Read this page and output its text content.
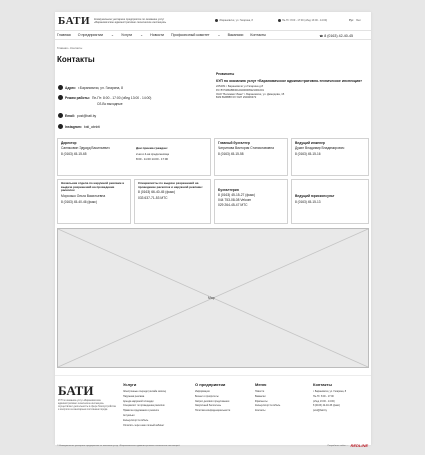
БАТИ Коммунальное унитарное предприятие по оказанию услуг
«Барановичское административно-техническое инспекция»
г.Барановичи, ул. Гагарина, 8	Пн-Пт: 8:00 - 17:00 (обед 13:00 - 14:00)	Рус Бел
Главная О предприятии ⌄ Услуги ⌄ Новости Профсоюзный комитет ⌄ Вакансии Контакты	☎ 8 (0163) 42-40-45
Главная › Контакты
Контакты
Адрес: г.Барановичи, ул. Гагарина, 8
Режим работы: Пн-Пт: 8:00 - 17:00 (обед 13:00 - 14:00)
Сб-Вс выходные
Email: post@bati.by
Instagram: bati_abnbti
Реквизиты
КУП по оказанию услуг «Барановичское административно-техническое инспекция»
225409 г. Барановичи ул.Гагарина д.8
Р/с BY51BLBB30120200006921001001
ОАО "Белинвестбанк" г. Барановичи, ул. Демидова, 15
БИК BLBBBY2X УНП 290406372
Директор
Санюковин Эдуард Васильевич
8 (0163) 45-15-65
Дни приема граждан:
2-ая и 4-ая среда месяца
8:00 - 11:00 14:00 - 17:00
Главный бухгалтер
Чигринова Виктория Станиславовна
8 (0163) 45-15-58
Ведущий инженер
Дукин Владимир Владимирович
8 (0163) 45-15-16
Начальник отдела по наружной рекламе и выдаче разрешений на проведение раскопок
Морозько Ольга Васильевна
8 (0163) 45-40-46 (факс)
Специалисты по выдаче разрешений на проведение раскопок и наружной рекламе:
8 (0163) 66-40-45 (факс)
033 637-71-53 МТС
Бухгалтерия
8 (0163) 45-15-27 (факс)
044 753-08-08 Velcom
029 264-45-47 МТС
Ведущий юрисконсульт
8 (0163) 45-15-13
Map
БАТИ
КУП по оказанию услуг «Барановичское административно-техническое инспекция» осуществляет деятельность в сфере благоустройства и контроля за санитарным состоянием города
Услуги
Электронные очереди (онлайн запись)
Наружная реклама
Аренда наружной площади
Специалист по проведению раскопок
Правила содержания и ремонта
Актуально
Калькулятор Сетибэль
Оплатить через наш личный кабинет
О предприятии
Информация
Бизнес и приоритеты
Запрос делового предложения
Закупочный бюллетень
Политика конфиденциальности
Меню
Новости
Вакансии
Фрагменты
Калькулятор Сетибэль
Контакты
Контакты
г. Барановичи, ул. Гагарина, 8
Пн-Пт: 8:00 - 17:00
(обед 13:00 - 14:00)
8 (0163) 42-40-45 (факс)
post@bati.by
© Коммунальное унитарное предприятие по оказанию услуг «Барановичское административно-техническое инспекция»	Разработка сайта — REDLINE
